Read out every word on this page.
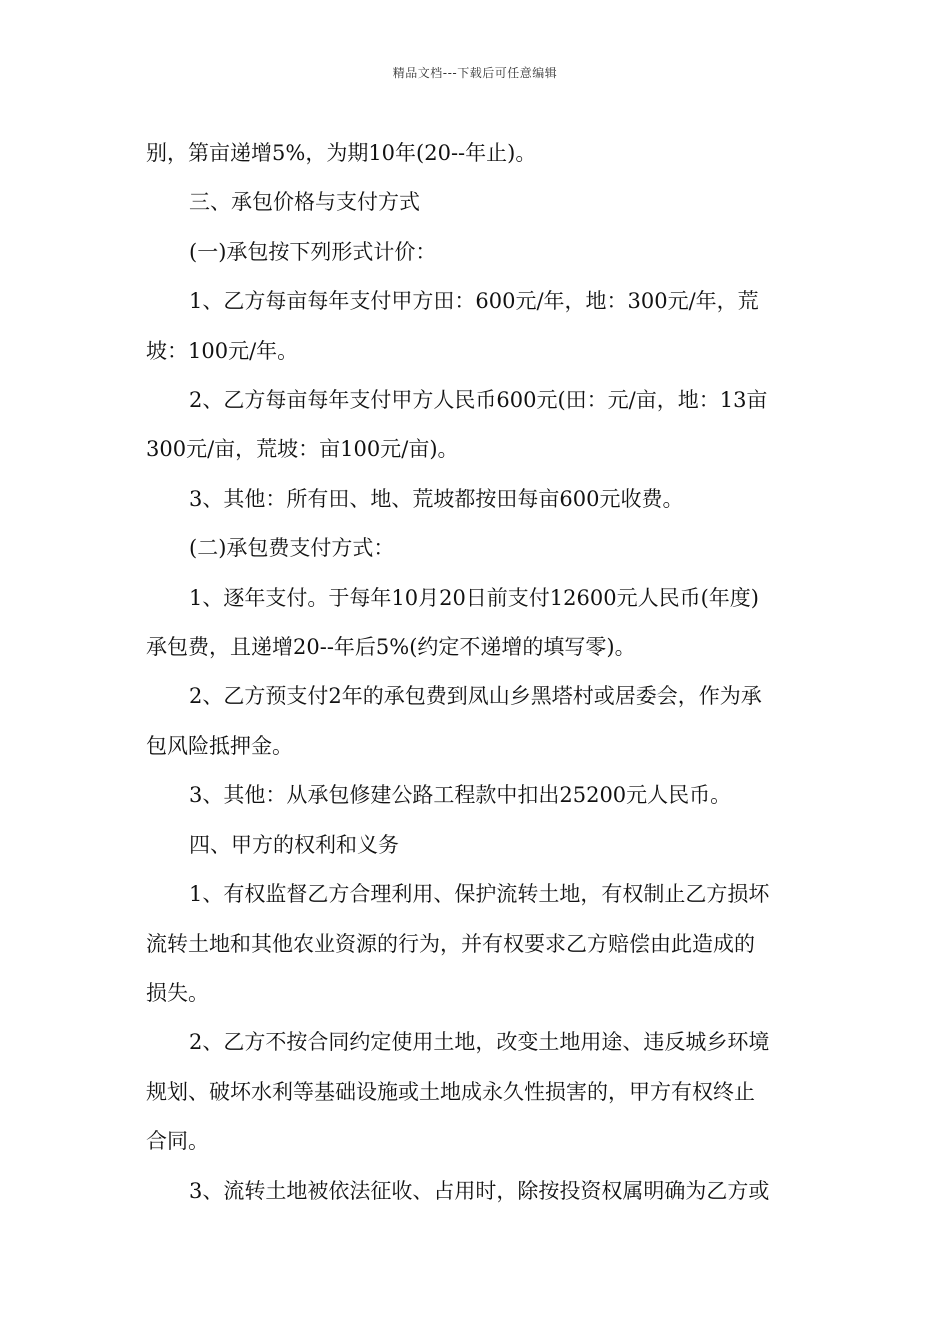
精品文档---下载后可任意编辑

别，第亩递增5%，为期10年(20--年止)。

三、承包价格与支付方式

(一)承包按下列形式计价：

1、乙方每亩每年支付甲方田：600元/年，地：300元/年，荒

坡：100元/年。

2、乙方每亩每年支付甲方人民币600元(田：元/亩，地：13亩

300元/亩，荒坡：亩100元/亩)。

3、其他：所有田、地、荒坡都按田每亩600元收费。

(二)承包费支付方式：

1、逐年支付。于每年10月20日前支付12600元人民币(年度)

承包费，且递增20--年后5%(约定不递增的填写零)。

2、乙方预支付2年的承包费到凤山乡黑塔村或居委会，作为承

包风险抵押金。

3、其他：从承包修建公路工程款中扣出25200元人民币。

四、甲方的权利和义务

1、有权监督乙方合理利用、保护流转土地，有权制止乙方损坏

流转土地和其他农业资源的行为，并有权要求乙方赔偿由此造成的

损失。

2、乙方不按合同约定使用土地，改变土地用途、违反城乡环境

规划、破坏水利等基础设施或土地成永久性损害的，甲方有权终止

合同。

3、流转土地被依法征收、占用时，除按投资权属明确为乙方或
